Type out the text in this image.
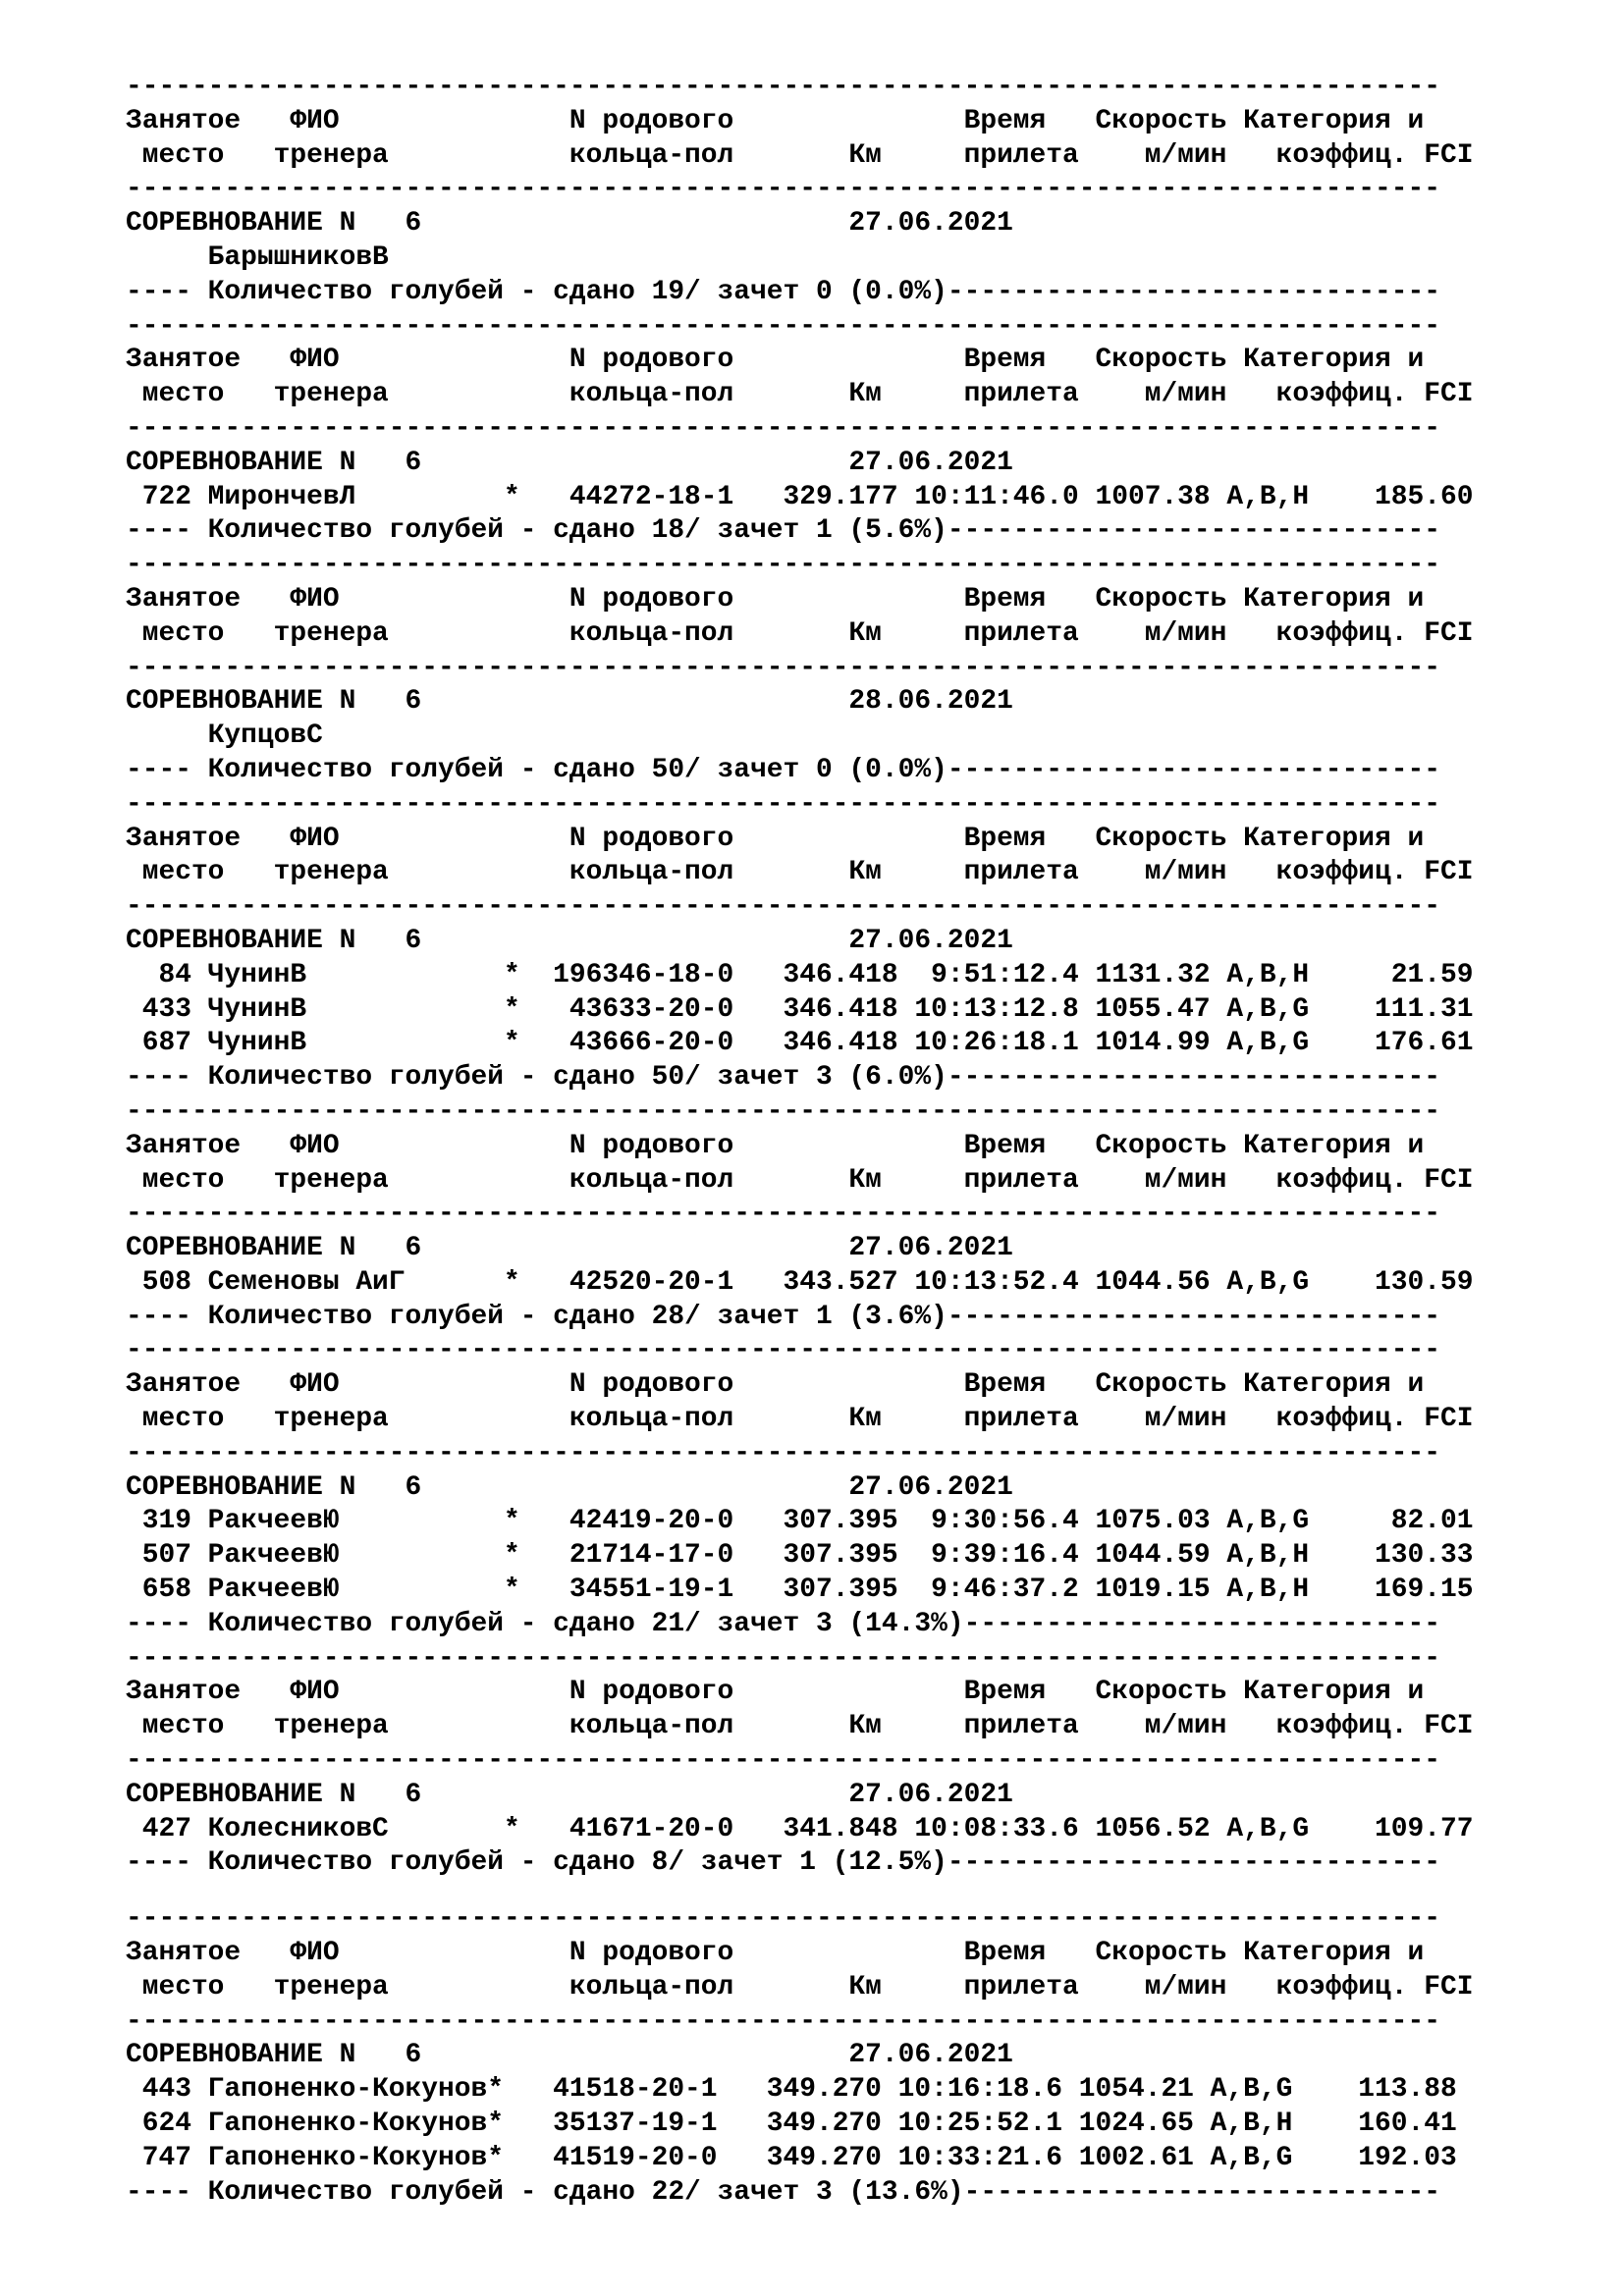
--------------------------------------------------------------------------------
Занятое   ФИО              N родового              Время   Скорость Категория и
место   тренера           кольца-пол       Км     прилета    м/мин   коэффиц. FCI
--------------------------------------------------------------------------------
СОРЕВНОВАНИЕ N   6                          27.06.2021
БарышниковВ
---- Количество голубей - сдано 19/ зачет 0 (0.0%)------------------------------
--------------------------------------------------------------------------------
Занятое   ФИО              N родового              Время   Скорость Категория и
место   тренера           кольца-пол       Км     прилета    м/мин   коэффиц. FCI
--------------------------------------------------------------------------------
СОРЕВНОВАНИЕ N   6                          27.06.2021
722 МирончевЛ         *   44272-18-1   329.177 10:11:46.0 1007.38 A,B,H    185.60
---- Количество голубей - сдано 18/ зачет 1 (5.6%)------------------------------
--------------------------------------------------------------------------------
Занятое   ФИО              N родового              Время   Скорость Категория и
место   тренера           кольца-пол       Км     прилета    м/мин   коэффиц. FCI
--------------------------------------------------------------------------------
СОРЕВНОВАНИЕ N   6                          28.06.2021
КупцовС
---- Количество голубей - сдано 50/ зачет 0 (0.0%)------------------------------
--------------------------------------------------------------------------------
Занятое   ФИО              N родового              Время   Скорость Категория и
место   тренера           кольца-пол       Км     прилета    м/мин   коэффиц. FCI
--------------------------------------------------------------------------------
СОРЕВНОВАНИЕ N   6                          27.06.2021
84 ЧунинВ            *  196346-18-0   346.418  9:51:12.4 1131.32 A,B,H     21.59
433 ЧунинВ            *   43633-20-0   346.418 10:13:12.8 1055.47 A,B,G    111.31
687 ЧунинВ            *   43666-20-0   346.418 10:26:18.1 1014.99 A,B,G    176.61
---- Количество голубей - сдано 50/ зачет 3 (6.0%)------------------------------
--------------------------------------------------------------------------------
Занятое   ФИО              N родового              Время   Скорость Категория и
место   тренера           кольца-пол       Км     прилета    м/мин   коэффиц. FCI
--------------------------------------------------------------------------------
СОРЕВНОВАНИЕ N   6                          27.06.2021
508 Семеновы АиГ      *   42520-20-1   343.527 10:13:52.4 1044.56 A,B,G    130.59
---- Количество голубей - сдано 28/ зачет 1 (3.6%)------------------------------
--------------------------------------------------------------------------------
Занятое   ФИО              N родового              Время   Скорость Категория и
место   тренера           кольца-пол       Км     прилета    м/мин   коэффиц. FCI
--------------------------------------------------------------------------------
СОРЕВНОВАНИЕ N   6                          27.06.2021
319 РакчеевЮ          *   42419-20-0   307.395  9:30:56.4 1075.03 A,B,G     82.01
507 РакчеевЮ          *   21714-17-0   307.395  9:39:16.4 1044.59 A,B,H    130.33
658 РакчеевЮ          *   34551-19-1   307.395  9:46:37.2 1019.15 A,B,H    169.15
---- Количество голубей - сдано 21/ зачет 3 (14.3%)-----------------------------
--------------------------------------------------------------------------------
Занятое   ФИО              N родового              Время   Скорость Категория и
место   тренера           кольца-пол       Км     прилета    м/мин   коэффиц. FCI
--------------------------------------------------------------------------------
СОРЕВНОВАНИЕ N   6                          27.06.2021
427 КолесниковС       *   41671-20-0   341.848 10:08:33.6 1056.52 A,B,G    109.77
---- Количество голубей - сдано 8/ зачет 1 (12.5%)------------------------------
--------------------------------------------------------------------------------
Занятое   ФИО              N родового              Время   Скорость Категория и
место   тренера           кольца-пол       Км     прилета    м/мин   коэффиц. FCI
--------------------------------------------------------------------------------
СОРЕВНОВАНИЕ N   6                          27.06.2021
443 Гапоненко-Кокунов*   41518-20-1   349.270 10:16:18.6 1054.21 A,B,G    113.88
624 Гапоненко-Кокунов*   35137-19-1   349.270 10:25:52.1 1024.65 A,B,H    160.41
747 Гапоненко-Кокунов*   41519-20-0   349.270 10:33:21.6 1002.61 A,B,G    192.03
---- Количество голубей - сдано 22/ зачет 3 (13.6%)-----------------------------
